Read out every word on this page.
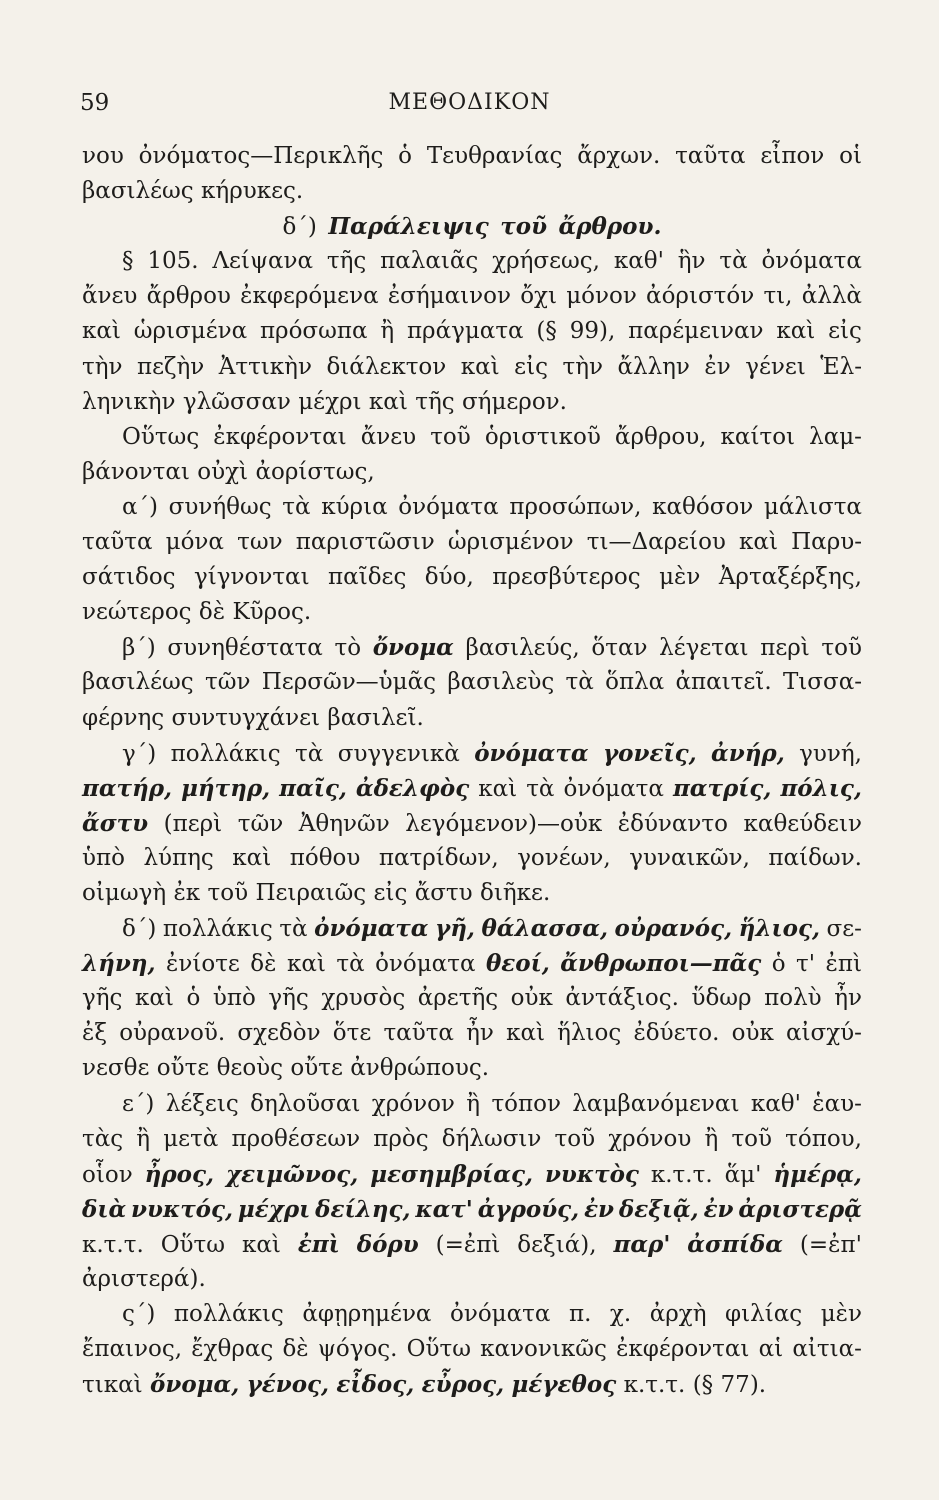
59	ΜΕΘΟΔΙΚΟΝ
νου ὀνόματος—Περικλῆς ὁ Τευθρανίας ἄρχων. ταῦτα εἶπον οἱ
βασιλέως κήρυκες.
δ΄) Παράλειψις τοῦ ἄρθρου.
§ 105. Λείψανα τῆς παλαιᾶς χρήσεως, καθ' ἣν τὰ ὀνόματα
ἄνευ ἄρθρου ἐκφερόμενα ἐσήμαινον ὄχι μόνον ἀόριστόν τι, ἀλλὰ
καὶ ὡρισμένα πρόσωπα ἢ πράγματα (§ 99), παρέμειναν καὶ εἰς
τὴν πεζὴν Ἀττικὴν διάλεκτον καὶ εἰς τὴν ἄλλην ἐν γένει Ἑλ-
ληνικὴν γλῶσσαν μέχρι καὶ τῆς σήμερον.
Οὕτως ἐκφέρονται ἄνευ τοῦ ὁριστικοῦ ἄρθρου, καίτοι λαμ-
βάνονται οὐχὶ ἀορίστως,
α΄) συνήθως τὰ κύρια ὀνόματα προσώπων, καθόσον μάλιστα
ταῦτα μόνα των παριστῶσιν ὡρισμένον τι—Δαρείου καὶ Παρυ-
σάτιδος γίγνονται παῖδες δύο, πρεσβύτερος μὲν Ἀρταξέρξης,
νεώτερος δὲ Κῦρος.
β΄) συνηθέστατα τὸ ὄνομα βασιλεύς, ὅταν λέγεται περὶ τοῦ
βασιλέως τῶν Περσῶν—ὑμᾶς βασιλεὺς τὰ ὅπλα ἀπαιτεῖ. Τισσα-
φέρνης συντυγχάνει βασιλεῖ.
γ΄) πολλάκις τὰ συγγενικὰ ὀνόματα γονεῖς, ἀνήρ, γυνή,
πατήρ, μήτηρ, παῖς, ἀδελφὸς καὶ τὰ ὀνόματα πατρίς, πόλις,
ἄστυ (περὶ τῶν Ἀθηνῶν λεγόμενον)—οὐκ ἐδύναντο καθεύδειν
ὑπὸ λύπης καὶ πόθου πατρίδων, γονέων, γυναικῶν, παίδων.
οἰμωγὴ ἐκ τοῦ Πειραιῶς εἰς ἄστυ διῆκε.
δ΄) πολλάκις τὰ ὀνόματα γῆ, θάλασσα, οὐρανός, ἥλιος, σε-
λήνη, ἐνίοτε δὲ καὶ τὰ ὀνόματα θεοί, ἄνθρωποι—πᾶς ὁ τ' ἐπὶ
γῆς καὶ ὁ ὑπὸ γῆς χρυσὸς ἀρετῆς οὐκ ἀντάξιος. ὕδωρ πολὺ ἦν
ἐξ οὐρανοῦ. σχεδὸν ὅτε ταῦτα ἦν καὶ ἥλιος ἐδύετο. οὐκ αἰσχύ-
νεσθε οὔτε θεοὺς οὔτε ἀνθρώπους.
ε΄) λέξεις δηλοῦσαι χρόνον ἢ τόπον λαμβανόμεναι καθ' ἑαυ-
τὰς ἢ μετὰ προθέσεων πρὸς δήλωσιν τοῦ χρόνου ἢ τοῦ τόπου,
οἷον ἦρος, χειμῶνος, μεσημβρίας, νυκτὸς κ.τ.τ. ἅμ' ἡμέρᾳ,
διὰ νυκτός, μέχρι δείλης, κατ' ἀγρούς, ἐν δεξιᾷ, ἐν ἀριστερᾷ
κ.τ.τ. Οὕτω καὶ ἐπὶ δόρυ (=ἐπὶ δεξιά), παρ' ἀσπίδα (=ἐπ'
ἀριστερά).
ς΄) πολλάκις ἀφῃρημένα ὀνόματα π. χ. ἀρχὴ φιλίας μὲν
ἔπαινος, ἔχθρας δὲ ψόγος. Οὕτω κανονικῶς ἐκφέρονται αἱ αἰτια-
τικαὶ ὄνομα, γένος, εἶδος, εὖρος, μέγεθος κ.τ.τ. (§ 77).
